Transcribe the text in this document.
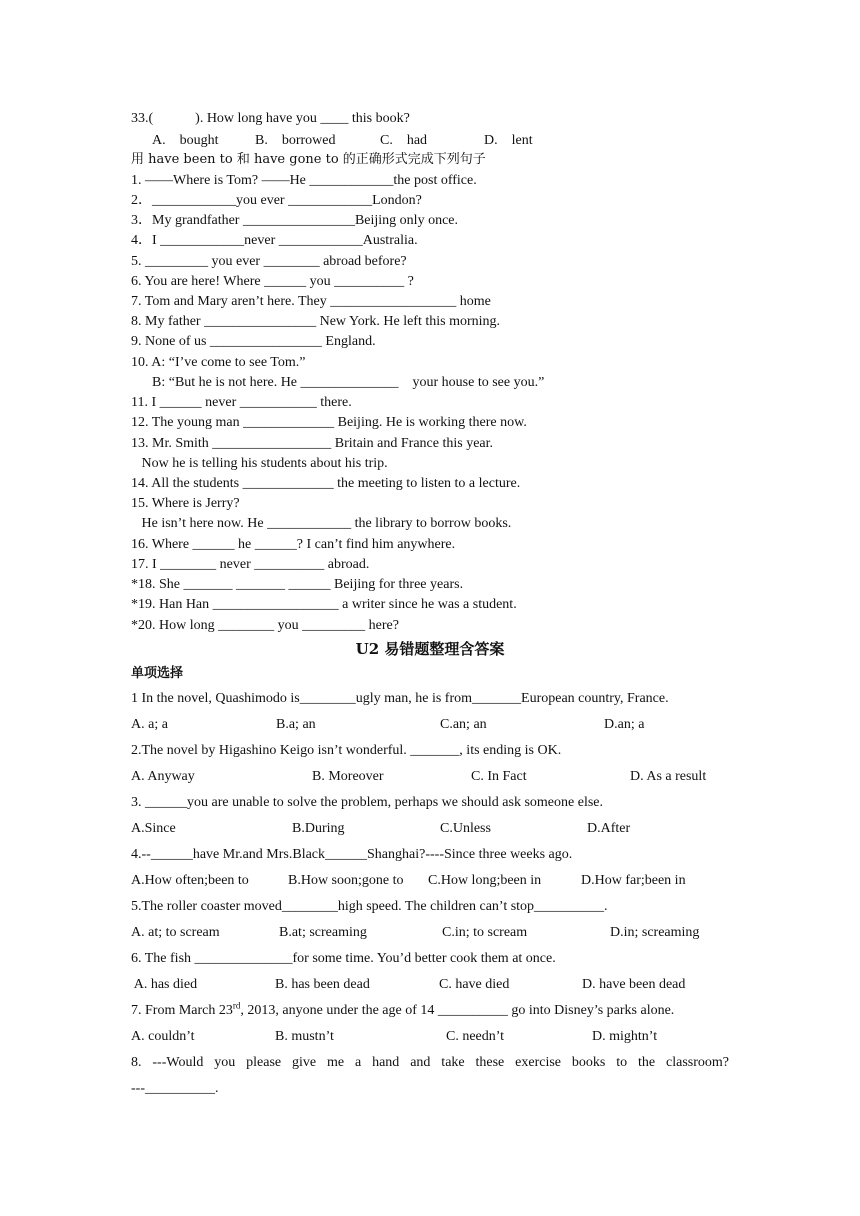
33.(            ). How long have you ____ this book?
A.    bought	B.    borrowed	C.    had	D.    lent
用 have been to 和 have gone to 的正确形式完成下列句子
1. ——Where is Tom? ——He ____________the post office.
2．____________you ever ____________London?
3．My grandfather ________________Beijing only once.
4．I ____________never ____________Australia.
5. _________ you ever ________ abroad before?
6. You are here! Where ______ you __________ ?
7. Tom and Mary aren’t here. They __________________ home
8. My father ________________ New York. He left this morning.
9. None of us ________________ England.
10. A: “I’ve come to see Tom.”
B: “But he is not here. He ______________    your house to see you.”
11. I ______ never ___________ there.
12. The young man _____________ Beijing. He is working there now.
13. Mr. Smith _________________ Britain and France this year.
Now he is telling his students about his trip.
14. All the students _____________ the meeting to listen to a lecture.
15. Where is Jerry?
He isn’t here now. He ____________ the library to borrow books.
16. Where ______ he ______? I can’t find him anywhere.
17. I ________ never __________ abroad.
*18. She _______ _______ ______ Beijing for three years.
*19. Han Han __________________ a writer since he was a student.
*20. How long ________ you _________ here?
U2 易错题整理含答案
单项选择
1 In the novel, Quashimodo is________ugly man, he is from_______European country, France.
A. a; a	B.a; an	C.an; an	D.an; a
2.The novel by Higashino Keigo isn’t wonderful. _______, its ending is OK.
A. Anyway	B. Moreover	C. In Fact	D. As a result
3. ______you are unable to solve the problem, perhaps we should ask someone else.
A.Since	B.During	C.Unless	D.After
4.--______have Mr.and Mrs.Black______Shanghai?----Since three weeks ago.
A.How often;been to	B.How soon;gone to C.How long;been in	D.How far;been in
5.The roller coaster moved________high speed. The children can’t stop__________.
A. at; to scream	B.at; screaming	C.in; to scream	D.in; screaming
6. The fish ______________for some time. You’d better cook them at once.
A. has died	B. has been dead	C. have died	D. have been dead
7. From March 23rd, 2013, anyone under the age of 14 __________ go into Disney’s parks alone.
A. couldn’t	B. mustn’t	C. needn’t	D. mightn’t
8. ---Would you please give me a hand and take these exercise books to the classroom?
---__________.
